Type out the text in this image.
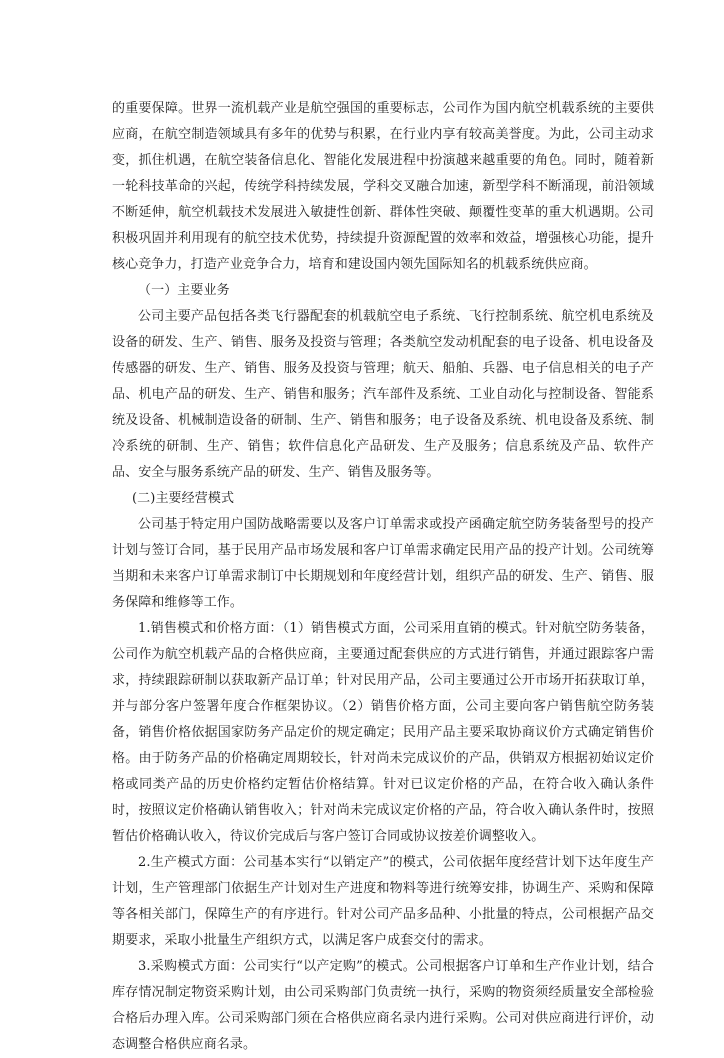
的重要保障。世界一流机载产业是航空强国的重要标志，公司作为国内航空机载系统的主要供应商，在航空制造领域具有多年的优势与积累，在行业内享有较高美誉度。为此，公司主动求变，抓住机遇，在航空装备信息化、智能化发展进程中扮演越来越重要的角色。同时，随着新一轮科技革命的兴起，传统学科持续发展，学科交叉融合加速，新型学科不断涌现，前沿领域不断延伸，航空机载技术发展进入敏捷性创新、群体性突破、颠覆性变革的重大机遇期。公司积极巩固并利用现有的航空技术优势，持续提升资源配置的效率和效益，增强核心功能，提升核心竞争力，打造产业竞争合力，培育和建设国内领先国际知名的机载系统供应商。

（一）主要业务

公司主要产品包括各类飞行器配套的机载航空电子系统、飞行控制系统、航空机电系统及设备的研发、生产、销售、服务及投资与管理；各类航空发动机配套的电子设备、机电设备及传感器的研发、生产、销售、服务及投资与管理；航天、船舶、兵器、电子信息相关的电子产品、机电产品的研发、生产、销售和服务；汽车部件及系统、工业自动化与控制设备、智能系统及设备、机械制造设备的研制、生产、销售和服务；电子设备及系统、机电设备及系统、制冷系统的研制、生产、销售；软件信息化产品研发、生产及服务；信息系统及产品、软件产品、安全与服务系统产品的研发、生产、销售及服务等。

(二)主要经营模式

公司基于特定用户国防战略需要以及客户订单需求或投产函确定航空防务装备型号的投产计划与签订合同，基于民用产品市场发展和客户订单需求确定民用产品的投产计划。公司统筹当期和未来客户订单需求制订中长期规划和年度经营计划，组织产品的研发、生产、销售、服务保障和维修等工作。

1.销售模式和价格方面：（1）销售模式方面，公司采用直销的模式。针对航空防务装备，公司作为航空机载产品的合格供应商，主要通过配套供应的方式进行销售，并通过跟踪客户需求，持续跟踪研制以获取新产品订单；针对民用产品，公司主要通过公开市场开拓获取订单，并与部分客户签署年度合作框架协议。（2）销售价格方面，公司主要向客户销售航空防务装备，销售价格依据国家防务产品定价的规定确定；民用产品主要采取协商议价方式确定销售价格。由于防务产品的价格确定周期较长，针对尚未完成议价的产品，供销双方根据初始议定价格或同类产品的历史价格约定暂估价格结算。针对已议定价格的产品，在符合收入确认条件时，按照议定价格确认销售收入；针对尚未完成议定价格的产品，符合收入确认条件时，按照暂估价格确认收入，待议价完成后与客户签订合同或协议按差价调整收入。

2.生产模式方面：公司基本实行“以销定产”的模式，公司依据年度经营计划下达年度生产计划，生产管理部门依据生产计划对生产进度和物料等进行统筹安排，协调生产、采购和保障等各相关部门，保障生产的有序进行。针对公司产品多品种、小批量的特点，公司根据产品交期要求，采取小批量生产组织方式，以满足客户成套交付的需求。

3.采购模式方面：公司实行“以产定购”的模式。公司根据客户订单和生产作业计划，结合库存情况制定物资采购计划，由公司采购部门负责统一执行，采购的物资须经质量安全部检验合格后办理入库。公司采购部门须在合格供应商名录内进行采购。公司对供应商进行评价，动态调整合格供应商名录。
